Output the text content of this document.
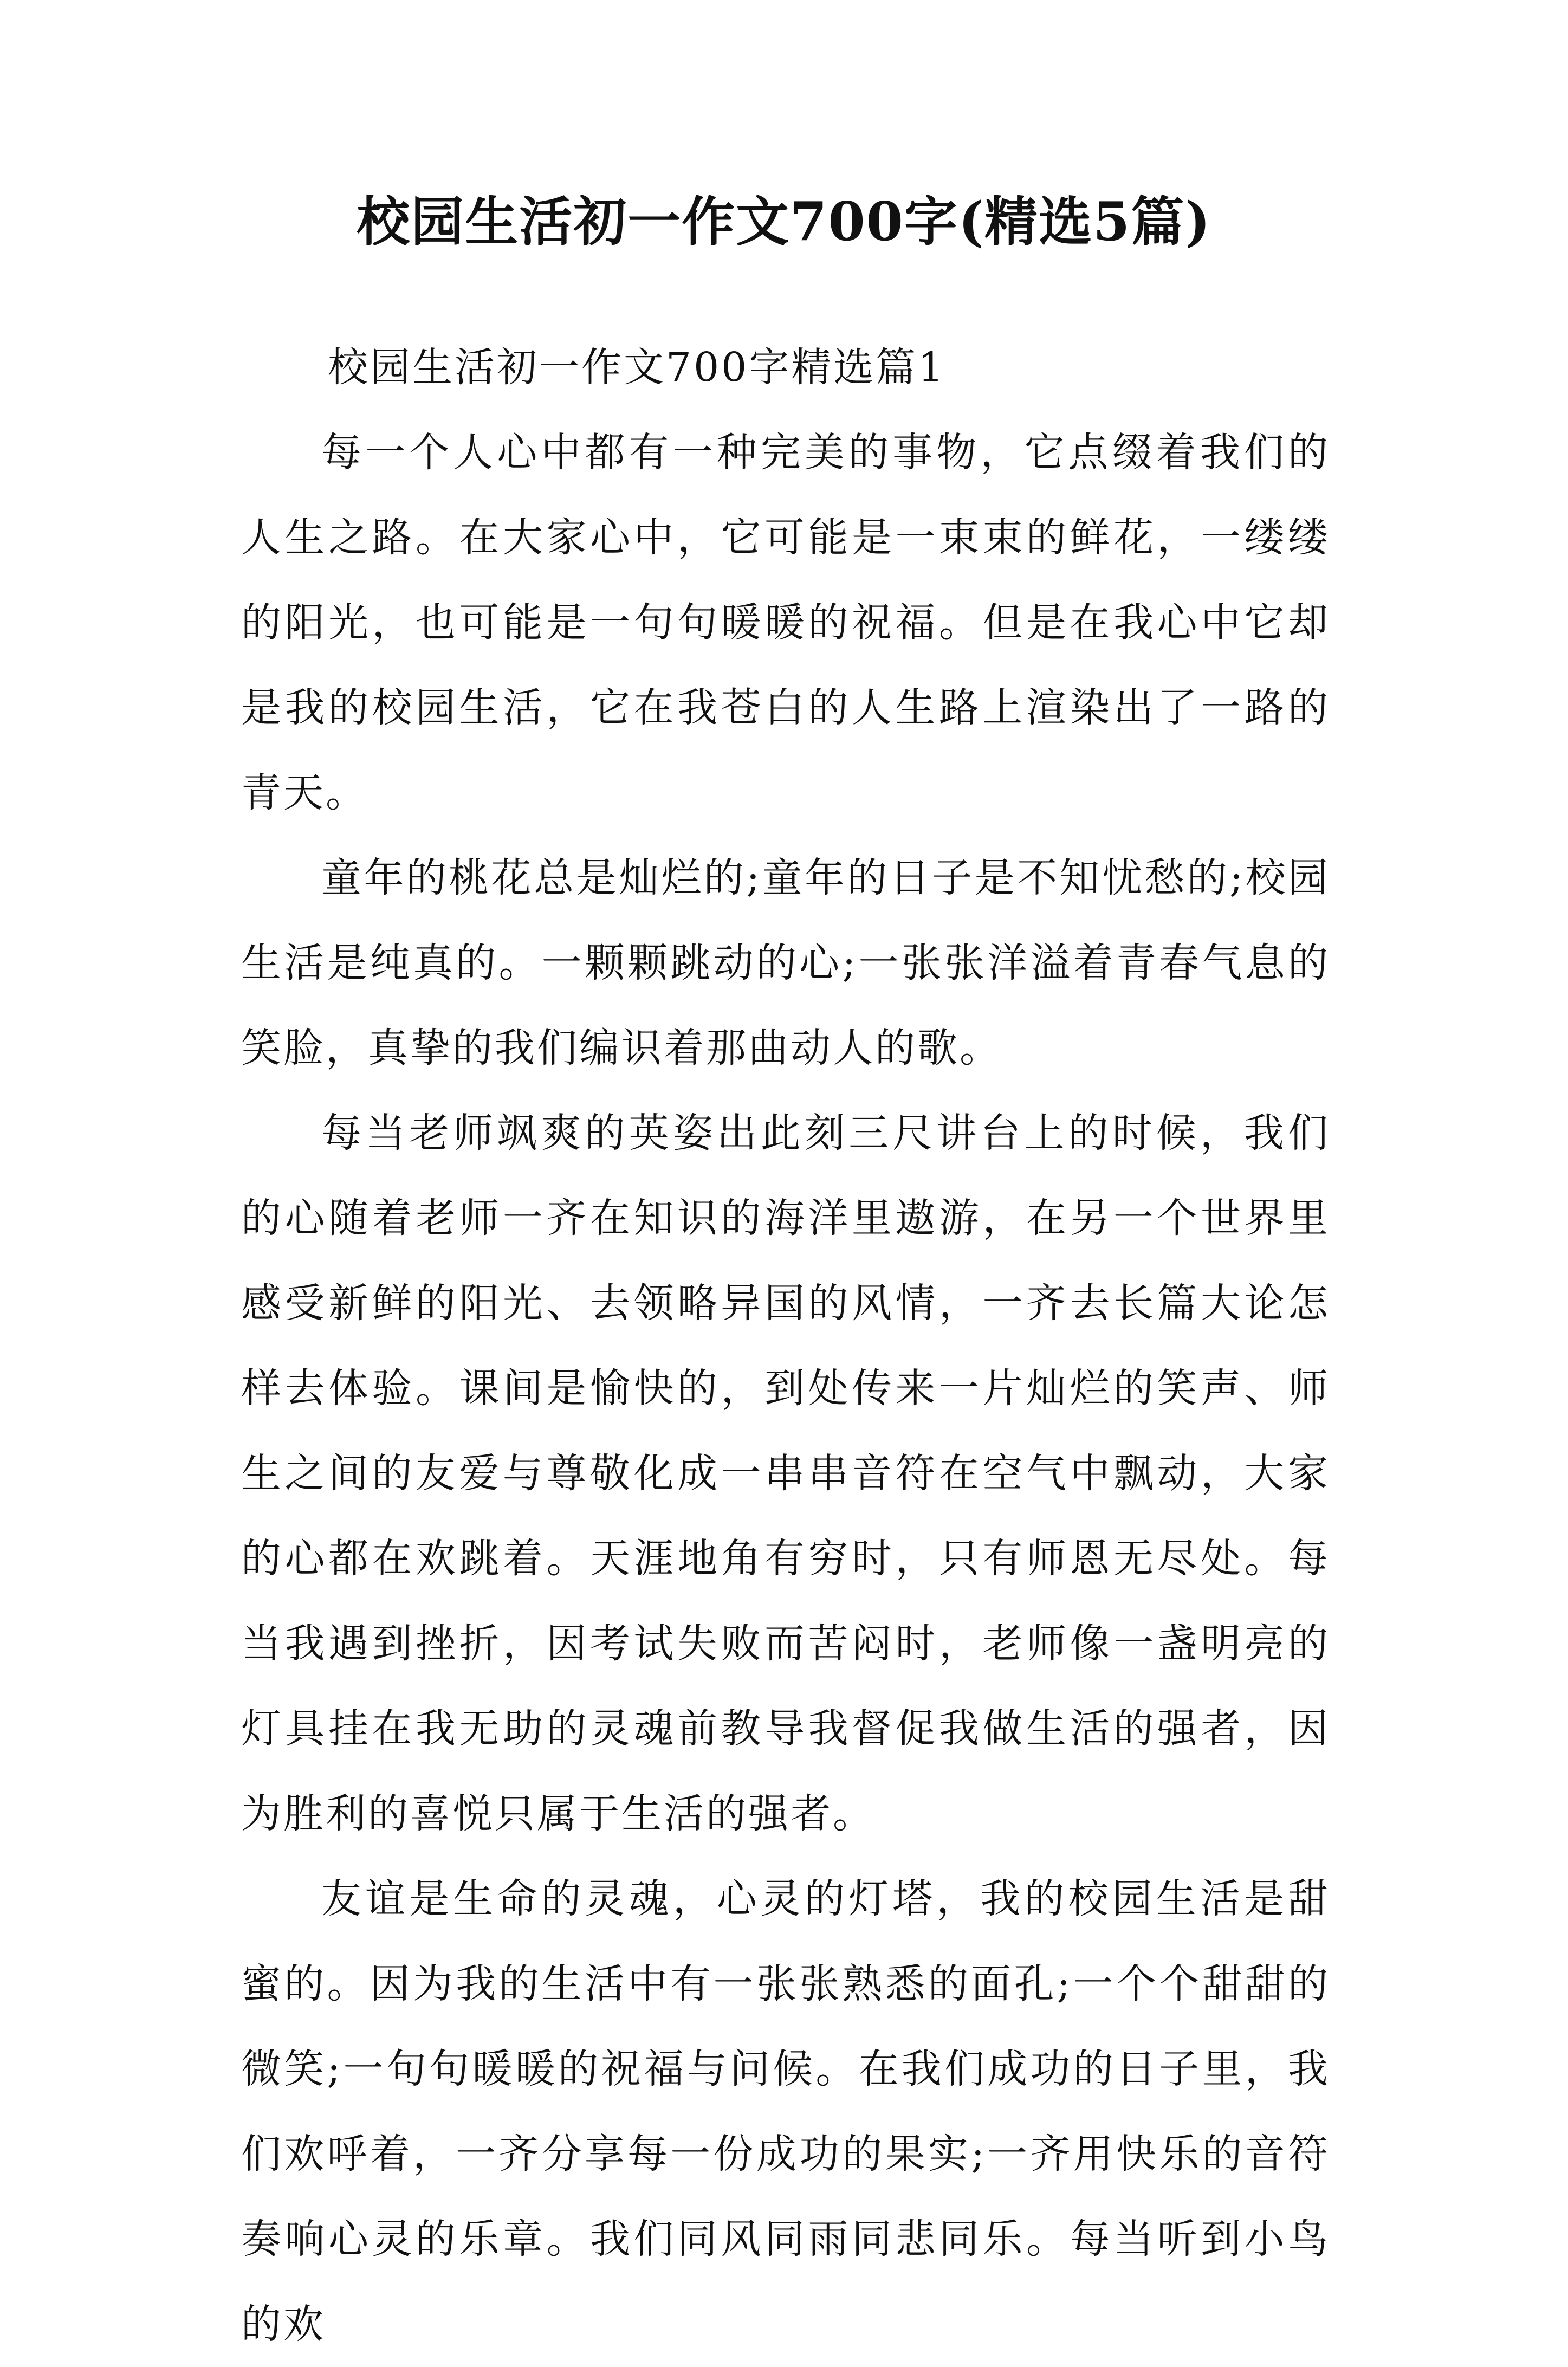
校园生活初一作文700字(精选5篇)
校园生活初一作文700字精选篇1

每一个人心中都有一种完美的事物，它点缀着我们的人生之路。在大家心中，它可能是一束束的鲜花，一缕缕的阳光，也可能是一句句暖暖的祝福。但是在我心中它却是我的校园生活，它在我苍白的人生路上渲染出了一路的青天。

童年的桃花总是灿烂的;童年的日子是不知忧愁的;校园生活是纯真的。一颗颗跳动的心;一张张洋溢着青春气息的笑脸，真挚的我们编识着那曲动人的歌。

每当老师飒爽的英姿出此刻三尺讲台上的时候，我们的心随着老师一齐在知识的海洋里遨游，在另一个世界里感受新鲜的阳光、去领略异国的风情，一齐去长篇大论怎样去体验。课间是愉快的，到处传来一片灿烂的笑声、师生之间的友爱与尊敬化成一串串音符在空气中飘动，大家的心都在欢跳着。天涯地角有穷时，只有师恩无尽处。每当我遇到挫折，因考试失败而苦闷时，老师像一盏明亮的灯具挂在我无助的灵魂前教导我督促我做生活的强者，因为胜利的喜悦只属于生活的强者。

友谊是生命的灵魂，心灵的灯塔，我的校园生活是甜蜜的。因为我的生活中有一张张熟悉的面孔;一个个甜甜的微笑;一句句暖暖的祝福与问候。在我们成功的日子里，我们欢呼着，一齐分享每一份成功的果实;一齐用快乐的音符奏响心灵的乐章。我们同风同雨同悲同乐。每当听到小鸟的欢
